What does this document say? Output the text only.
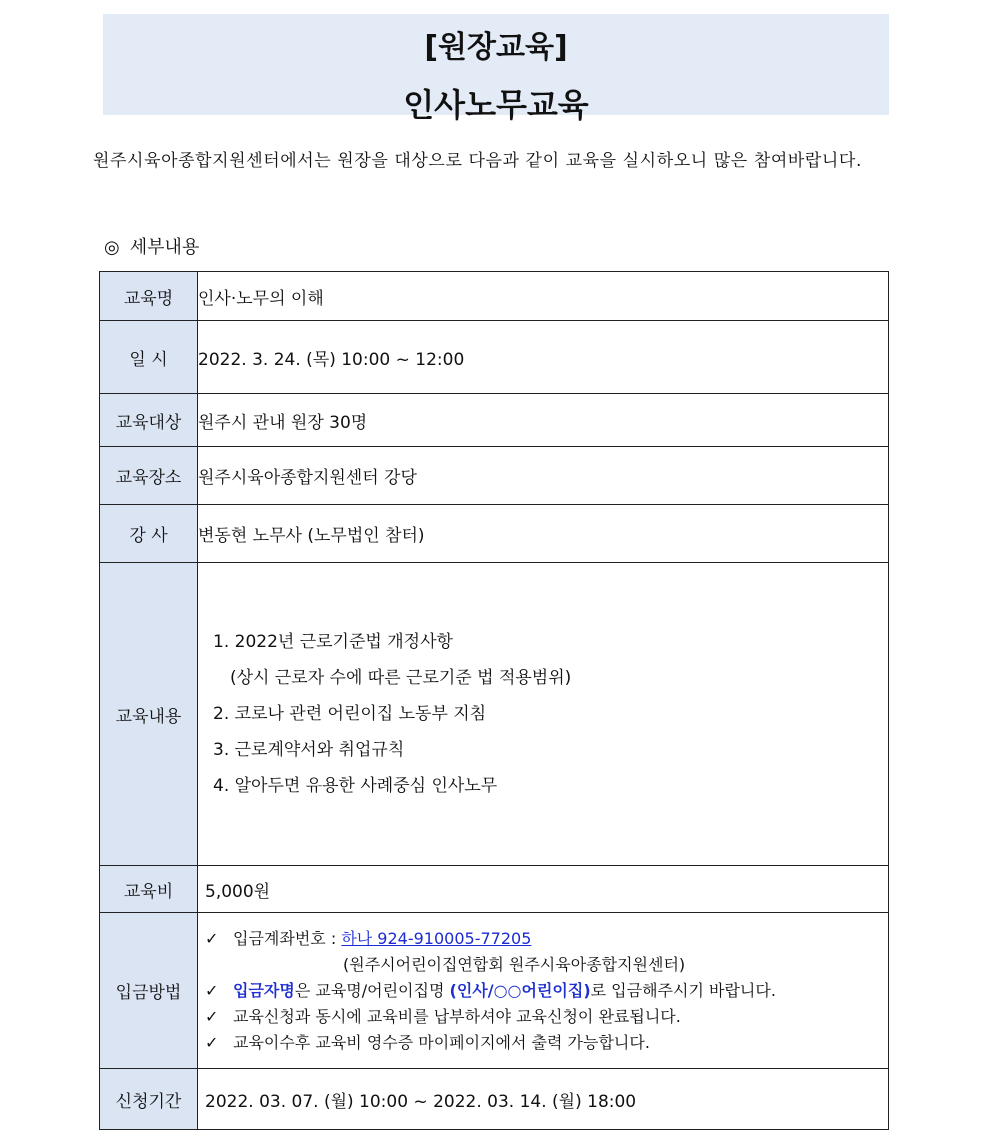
[원장교육]
인사노무교육
원주시육아종합지원센터에서는 원장을 대상으로 다음과 같이 교육을 실시하오니 많은 참여바랍니다.
◎ 세부내용
교육명	인사·노무의 이해
일 시	2022. 3. 24. (목) 10:00 ~ 12:00
교육대상	원주시 관내 원장 30명
교육장소	원주시육아종합지원센터 강당
강 사	변동현 노무사 (노무법인 참터)
교육내용	1. 2022년 근로기준법 개정사항
(상시 근로자 수에 따른 근로기준 법 적용범위)
2. 코로나 관련 어린이집 노동부 지침
3. 근로계약서와 취업규칙
4. 알아두면 유용한 사례중심 인사노무

교육비	5,000원
입금방법	✓ 입금계좌번호 : 하나 924-910005-77205
(원주시어린이집연합회 원주시육아종합지원센터)
✓ 입금자명은 교육명/어린이집명 (인사/○○어린이집)로 입금해주시기 바랍니다.
✓ 교육신청과 동시에 교육비를 납부하셔야 교육신청이 완료됩니다.
✓ 교육이수후 교육비 영수증 마이페이지에서 출력 가능합니다.

신청기간	2022. 03. 07. (월) 10:00 ~ 2022. 03. 14. (월) 18:00
